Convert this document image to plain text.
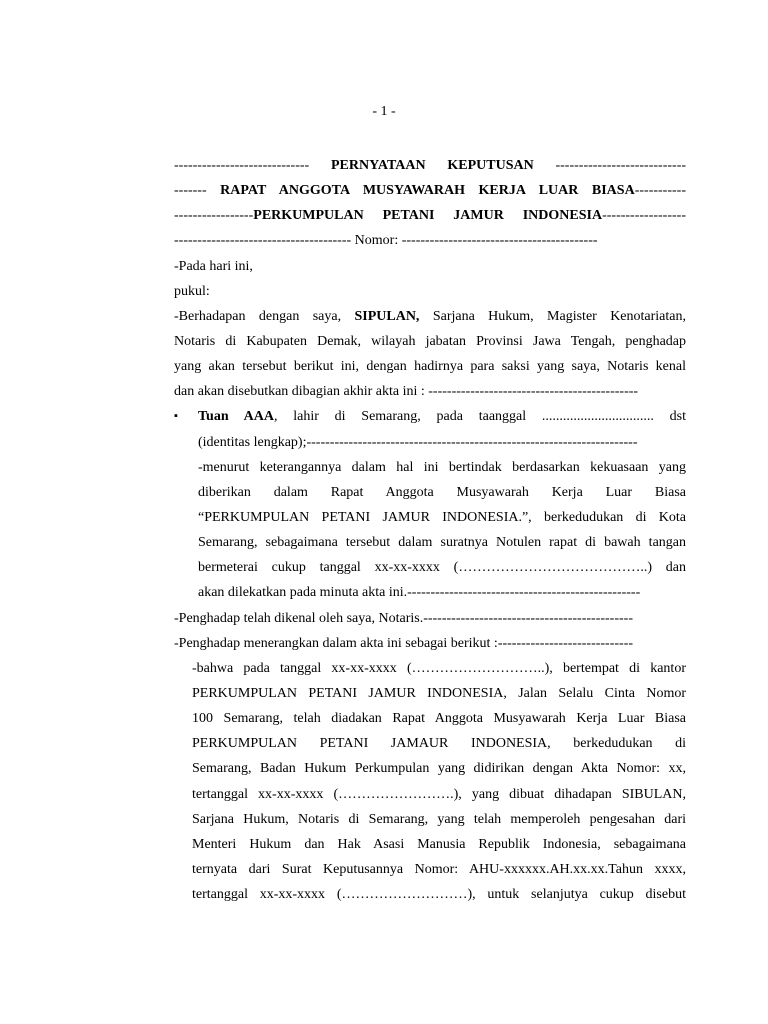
- 1 -
----------------------------- PERNYATAAN KEPUTUSAN ----------------------------
------- RAPAT ANGGOTA MUSYAWARAH KERJA LUAR BIASA-----------
-----------------PERKUMPULAN PETANI JAMUR INDONESIA------------------
-------------------------------------- Nomor: ------------------------------------------
-Pada hari ini,
pukul:
-Berhadapan dengan saya, SIPULAN, Sarjana Hukum, Magister Kenotariatan,
Notaris di Kabupaten Demak, wilayah jabatan Provinsi Jawa Tengah, penghadap
yang akan tersebut berikut ini, dengan hadirnya para saksi yang saya, Notaris kenal
dan akan disebutkan dibagian akhir akta ini : ---------------------------------------------
▪	Tuan AAA, lahir di Semarang, pada taanggal ................................ dst
(identitas lengkap);-----------------------------------------------------------------------
-menurut keterangannya dalam hal ini bertindak berdasarkan kekuasaan yang
diberikan dalam Rapat Anggota Musyawarah Kerja Luar Biasa
“PERKUMPULAN PETANI JAMUR INDONESIA.”, berkedudukan di Kota
Semarang, sebagaimana tersebut dalam suratnya Notulen rapat di bawah tangan
bermeterai cukup tanggal xx-xx-xxxx (…………………………………..) dan
akan dilekatkan pada minuta akta ini.--------------------------------------------------
-Penghadap telah dikenal oleh saya, Notaris.---------------------------------------------
-Penghadap menerangkan dalam akta ini sebagai berikut :-----------------------------
-bahwa pada tanggal xx-xx-xxxx (………………………..), bertempat di kantor
PERKUMPULAN PETANI JAMUR INDONESIA, Jalan Selalu Cinta Nomor
100 Semarang, telah diadakan Rapat Anggota Musyawarah Kerja Luar Biasa
PERKUMPULAN PETANI JAMAUR INDONESIA, berkedudukan di
Semarang, Badan Hukum Perkumpulan yang didirikan dengan Akta Nomor: xx,
tertanggal xx-xx-xxxx (…………………….), yang dibuat dihadapan SIBULAN,
Sarjana Hukum, Notaris di Semarang, yang telah memperoleh pengesahan dari
Menteri Hukum dan Hak Asasi Manusia Republik Indonesia, sebagaimana
ternyata dari Surat Keputusannya Nomor: AHU-xxxxxx.AH.xx.xx.Tahun xxxx,
tertanggal xx-xx-xxxx (………………………), untuk selanjutya cukup disebut
